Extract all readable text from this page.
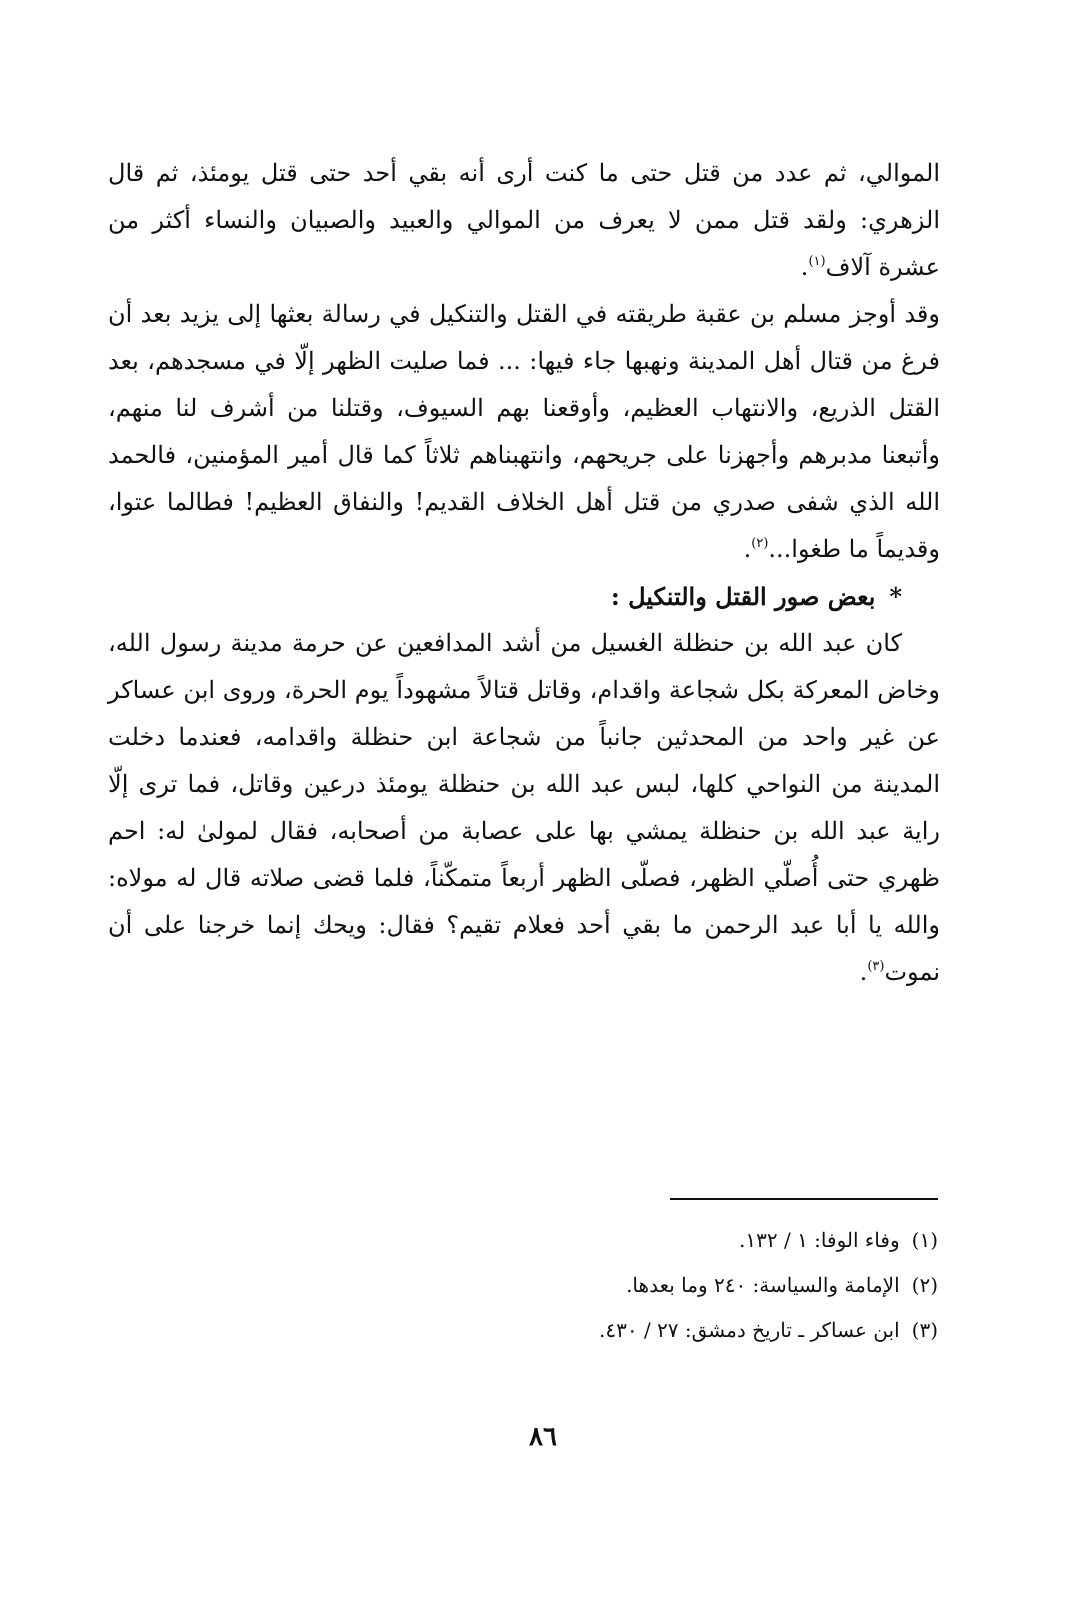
الموالي، ثم عدد من قتل حتى ما كنت أرى أنه بقي أحد حتى قتل يومئذ، ثم قال الزهري: ولقد قتل ممن لا يعرف من الموالي والعبيد والصبيان والنساء أكثر من عشرة آلاف$^{(١)}$.

وقد أوجز مسلم بن عقبة طريقته في القتل والتنكيل في رسالة بعثها إلى يزيد بعد أن فرغ من قتال أهل المدينة ونهبها جاء فيها: ... فما صليت الظهر إلّا في مسجدهم، بعد القتل الذريع، والانتهاب العظيم، وأوقعنا بهم السيوف، وقتلنا من أشرف لنا منهم، وأتبعنا مدبرهم وأجهزنا على جريحهم، وانتهبناهم ثلاثاً كما قال أمير المؤمنين، فالحمد الله الذي شفى صدري من قتل أهل الخلاف القديم! والنفاق العظيم! فطالما عتوا، وقديماً ما طغوا...$^{(٢)}$.

*بعض صور القتل والتنكيل :

كان عبد الله بن حنظلة الغسيل من أشد المدافعين عن حرمة مدينة رسول الله، وخاض المعركة بكل شجاعة واقدام، وقاتل قتالاً مشهوداً يوم الحرة، وروى ابن عساكر عن غير واحد من المحدثين جانباً من شجاعة ابن حنظلة واقدامه، فعندما دخلت المدينة من النواحي كلها، لبس عبد الله بن حنظلة يومئذ درعين وقاتل، فما ترى إلّا راية عبد الله بن حنظلة يمشي بها على عصابة من أصحابه، فقال لمولىٰ له: احم ظهري حتى أُصلّي الظهر، فصلّى الظهر أربعاً متمكّناً، فلما قضى صلاته قال له مولاه: والله يا أبا عبد الرحمن ما بقي أحد فعلام تقيم؟ فقال: ويحك إنما خرجنا على أن نموت$^{(٣)}$.

(١)وفاء الوفا: ١ / ١٣٢.

(٢)الإمامة والسياسة: ٢٤٠ وما بعدها.

(٣)ابن عساكر ـ تاريخ دمشق: ٢٧ / ٤٣٠.

٨٦
